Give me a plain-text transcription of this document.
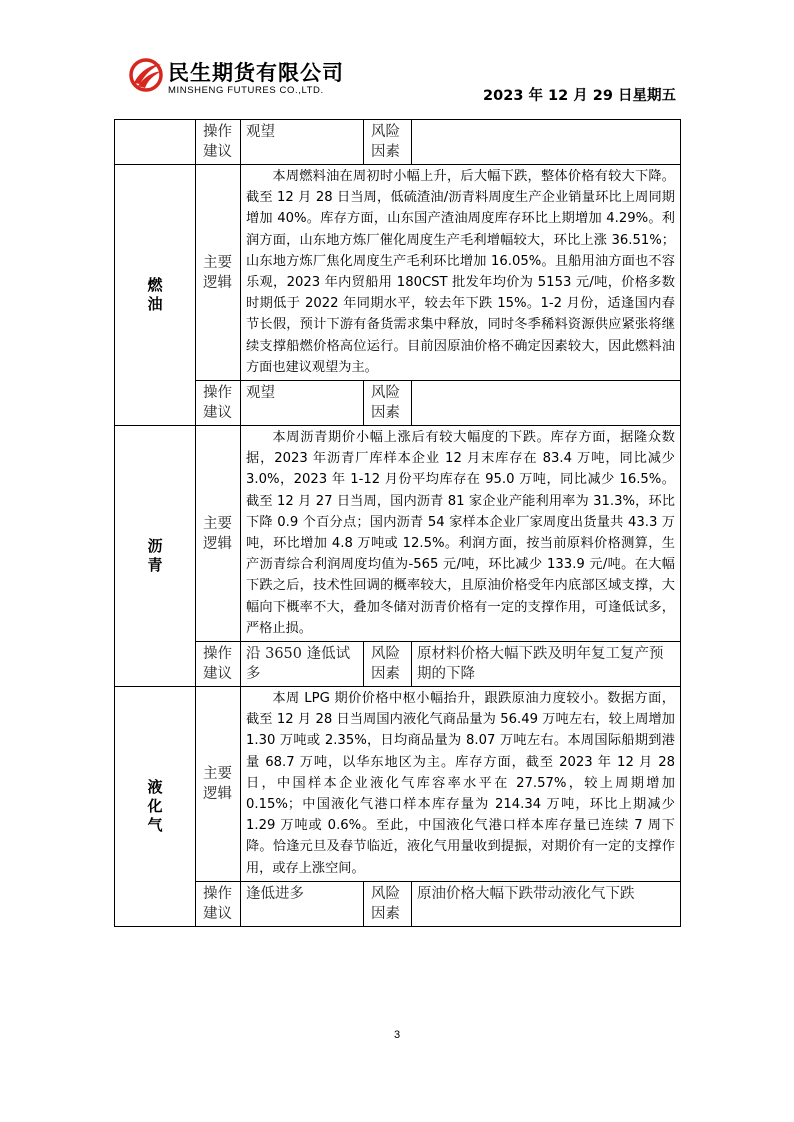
民生期货有限公司
MINSHENG FUTURES CO.,LTD.	2023 年 12 月 29 日星期五
	操作建议	观望	风险因素	
燃油	主要逻辑	本周燃料油在周初时小幅上升，后大幅下跌，整体价格有较大下降。截至 12 月 28 日当周，低硫渣油/沥青料周度生产企业销量环比上周同期增加 40%。库存方面，山东国产渣油周度库存环比上期增加 4.29%。利润方面，山东地方炼厂催化周度生产毛利增幅较大，环比上涨 36.51%；山东地方炼厂焦化周度生产毛利环比增加 16.05%。且船用油方面也不容乐观，2023 年内贸船用 180CST 批发年均价为 5153 元/吨，价格多数时期低于 2022 年同期水平，较去年下跌 15%。1-2 月份，适逢国内春节长假，预计下游有备货需求集中释放，同时冬季稀料资源供应紧张将继续支撑船燃价格高位运行。目前因原油价格不确定因素较大，因此燃料油方面也建议观望为主。		
	操作建议	观望	风险因素	
沥青	主要逻辑	本周沥青期价小幅上涨后有较大幅度的下跌。库存方面，据隆众数据，2023 年沥青厂库样本企业 12 月末库存在 83.4 万吨，同比减少 3.0%，2023 年 1-12 月份平均库存在 95.0 万吨，同比减少 16.5%。截至 12 月 27 日当周，国内沥青 81 家企业产能利用率为 31.3%，环比下降 0.9 个百分点；国内沥青 54 家样本企业厂家周度出货量共 43.3 万吨，环比增加 4.8 万吨或 12.5%。利润方面，按当前原料价格测算，生产沥青综合利润周度均值为-565 元/吨，环比减少 133.9 元/吨。在大幅下跌之后，技术性回调的概率较大，且原油价格受年内底部区域支撑，大幅向下概率不大，叠加冬储对沥青价格有一定的支撑作用，可逢低试多，严格止损。		
	操作建议	沿 3650 逢低试多	风险因素	原材料价格大幅下跌及明年复工复产预期的下降
液化气	主要逻辑	本周 LPG 期价价格中枢小幅抬升，跟跌原油力度较小。数据方面，截至 12 月 28 日当周国内液化气商品量为 56.49 万吨左右，较上周增加 1.30 万吨或 2.35%，日均商品量为 8.07 万吨左右。本周国际船期到港量 68.7 万吨，以华东地区为主。库存方面，截至 2023 年 12 月 28 日，中国样本企业液化气库容率水平在 27.57%，较上周期增加 0.15%；中国液化气港口样本库存量为 214.34 万吨，环比上期减少 1.29 万吨或 0.6%。至此，中国液化气港口样本库存量已连续 7 周下降。恰逢元旦及春节临近，液化气用量收到提振，对期价有一定的支撑作用，或存上涨空间。		
	操作建议	逢低进多	风险因素	原油价格大幅下跌带动液化气下跌
3
